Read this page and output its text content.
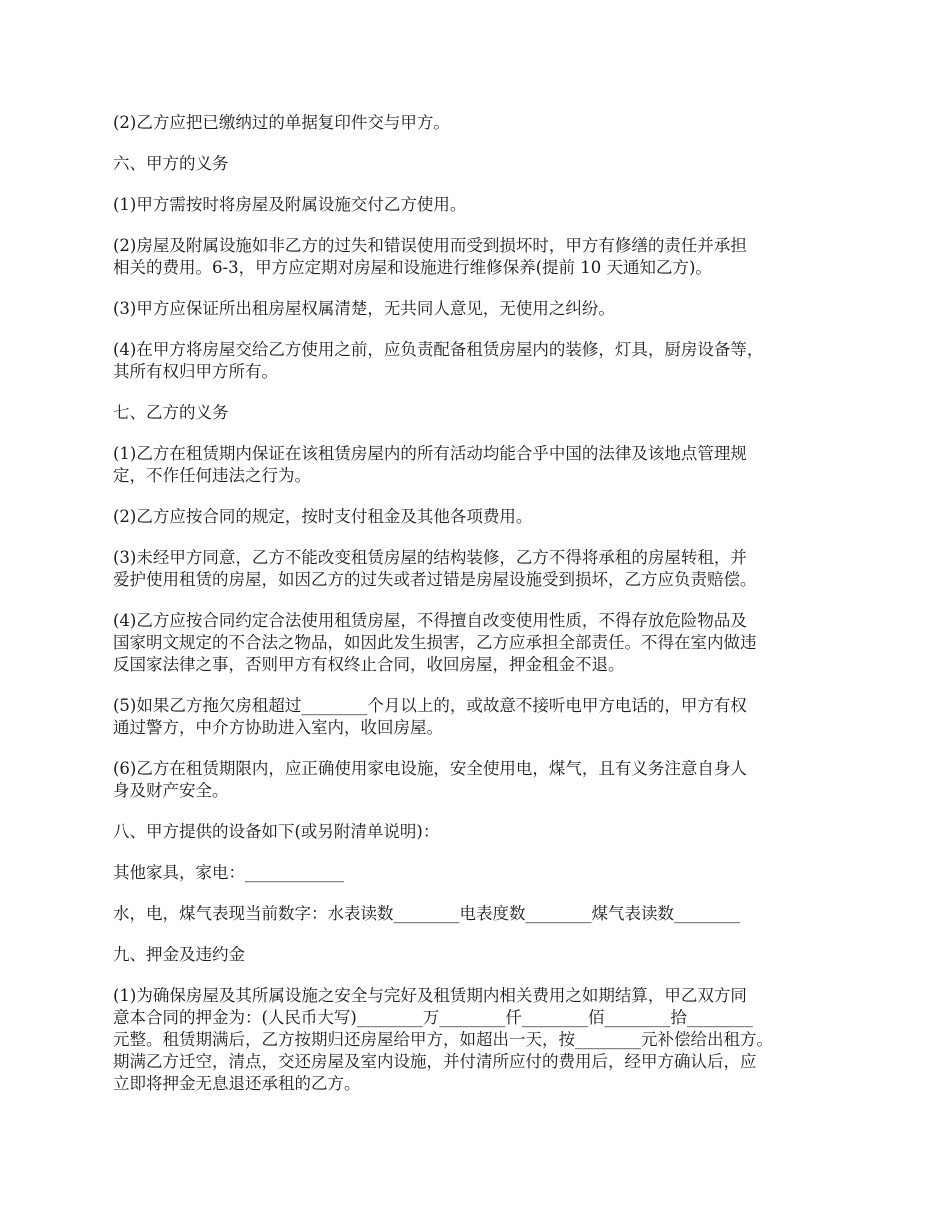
(2)乙方应把已缴纳过的单据复印件交与甲方。

六、甲方的义务

(1)甲方需按时将房屋及附属设施交付乙方使用。

(2)房屋及附属设施如非乙方的过失和错误使用而受到损坏时，甲方有修缮的责任并承担
相关的费用。6-3，甲方应定期对房屋和设施进行维修保养(提前 10 天通知乙方)。

(3)甲方应保证所出租房屋权属清楚，无共同人意见，无使用之纠纷。

(4)在甲方将房屋交给乙方使用之前，应负责配备租赁房屋内的装修，灯具，厨房设备等，
其所有权归甲方所有。

七、乙方的义务

(1)乙方在租赁期内保证在该租赁房屋内的所有活动均能合乎中国的法律及该地点管理规
定，不作任何违法之行为。

(2)乙方应按合同的规定，按时支付租金及其他各项费用。

(3)未经甲方同意，乙方不能改变租赁房屋的结构装修，乙方不得将承租的房屋转租，并
爱护使用租赁的房屋，如因乙方的过失或者过错是房屋设施受到损坏，乙方应负责赔偿。

(4)乙方应按合同约定合法使用租赁房屋，不得擅自改变使用性质，不得存放危险物品及
国家明文规定的不合法之物品，如因此发生损害，乙方应承担全部责任。不得在室内做违
反国家法律之事，否则甲方有权终止合同，收回房屋，押金租金不退。

(5)如果乙方拖欠房租超过________个月以上的，或故意不接听电甲方电话的，甲方有权
通过警方，中介方协助进入室内，收回房屋。

(6)乙方在租赁期限内，应正确使用家电设施，安全使用电，煤气，且有义务注意自身人
身及财产安全。

八、甲方提供的设备如下(或另附清单说明)：

其他家具，家电：____________

水，电，煤气表现当前数字：水表读数________电表度数________煤气表读数________

九、押金及违约金

(1)为确保房屋及其所属设施之安全与完好及租赁期内相关费用之如期结算，甲乙双方同
意本合同的押金为：(人民币大写)________万________仟________佰________拾________
元整。租赁期满后，乙方按期归还房屋给甲方，如超出一天，按________元补偿给出租方。
期满乙方迁空，清点，交还房屋及室内设施，并付清所应付的费用后，经甲方确认后，应
立即将押金无息退还承租的乙方。
